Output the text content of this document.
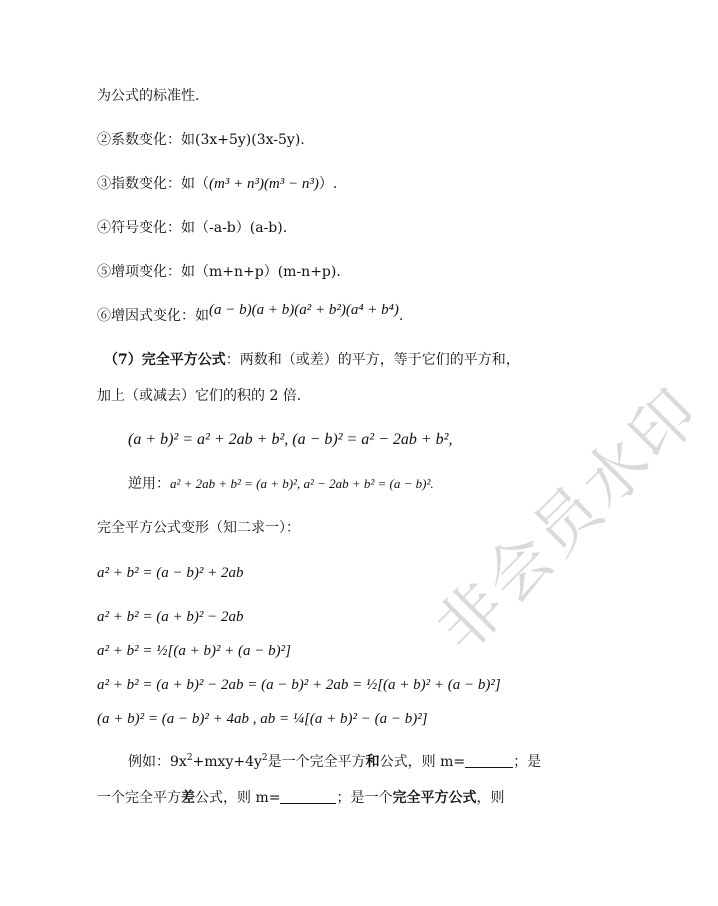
为公式的标准性.
②系数变化：如(3x+5y)(3x-5y).
③指数变化：如（(m³ + n³)(m³ − n³)）.
④符号变化：如（-a-b）(a-b).
⑤增项变化：如（m+n+p）(m-n+p).
⑥增因式变化：如(a − b)(a + b)(a² + b²)(a⁴ + b⁴).
（7）完全平方公式：两数和（或差）的平方，等于它们的平方和，
加上（或减去）它们的积的 2 倍.
(a + b)² = a² + 2ab + b², (a − b)² = a² − 2ab + b²,
逆用：a² + 2ab + b² = (a + b)², a² − 2ab + b² = (a − b)².
完全平方公式变形（知二求一）：
a² + b² = (a − b)² + 2ab
a² + b² = (a + b)² − 2ab
a² + b² = ½[(a + b)² + (a − b)²]
a² + b² = (a + b)² − 2ab = (a − b)² + 2ab = ½[(a + b)² + (a − b)²]
(a + b)² = (a − b)² + 4ab , ab = ¼[(a + b)² − (a − b)²]
例如：$9x^2+mxy+4y^2$是一个完全平方和公式，则 m=	；是
一个完全平方差公式，则 m=	；是一个完全平方公式，则
非会员水印
